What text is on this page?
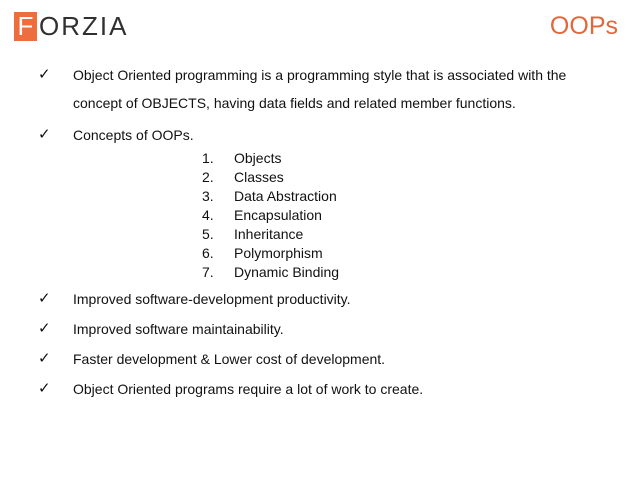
F ORZIA	OOPs
✓	Object Oriented programming is a programming style that is associated with the concept of OBJECTS, having data fields and related member functions.
✓	Concepts of OOPs.
1.	Objects
2.	Classes
3.	Data Abstraction
4.	Encapsulation
5.	Inheritance
6.	Polymorphism
7.	Dynamic Binding
✓	Improved software-development productivity.
✓	Improved software maintainability.
✓	Faster development & Lower cost of development.
✓	Object Oriented programs require a lot of work to create.
